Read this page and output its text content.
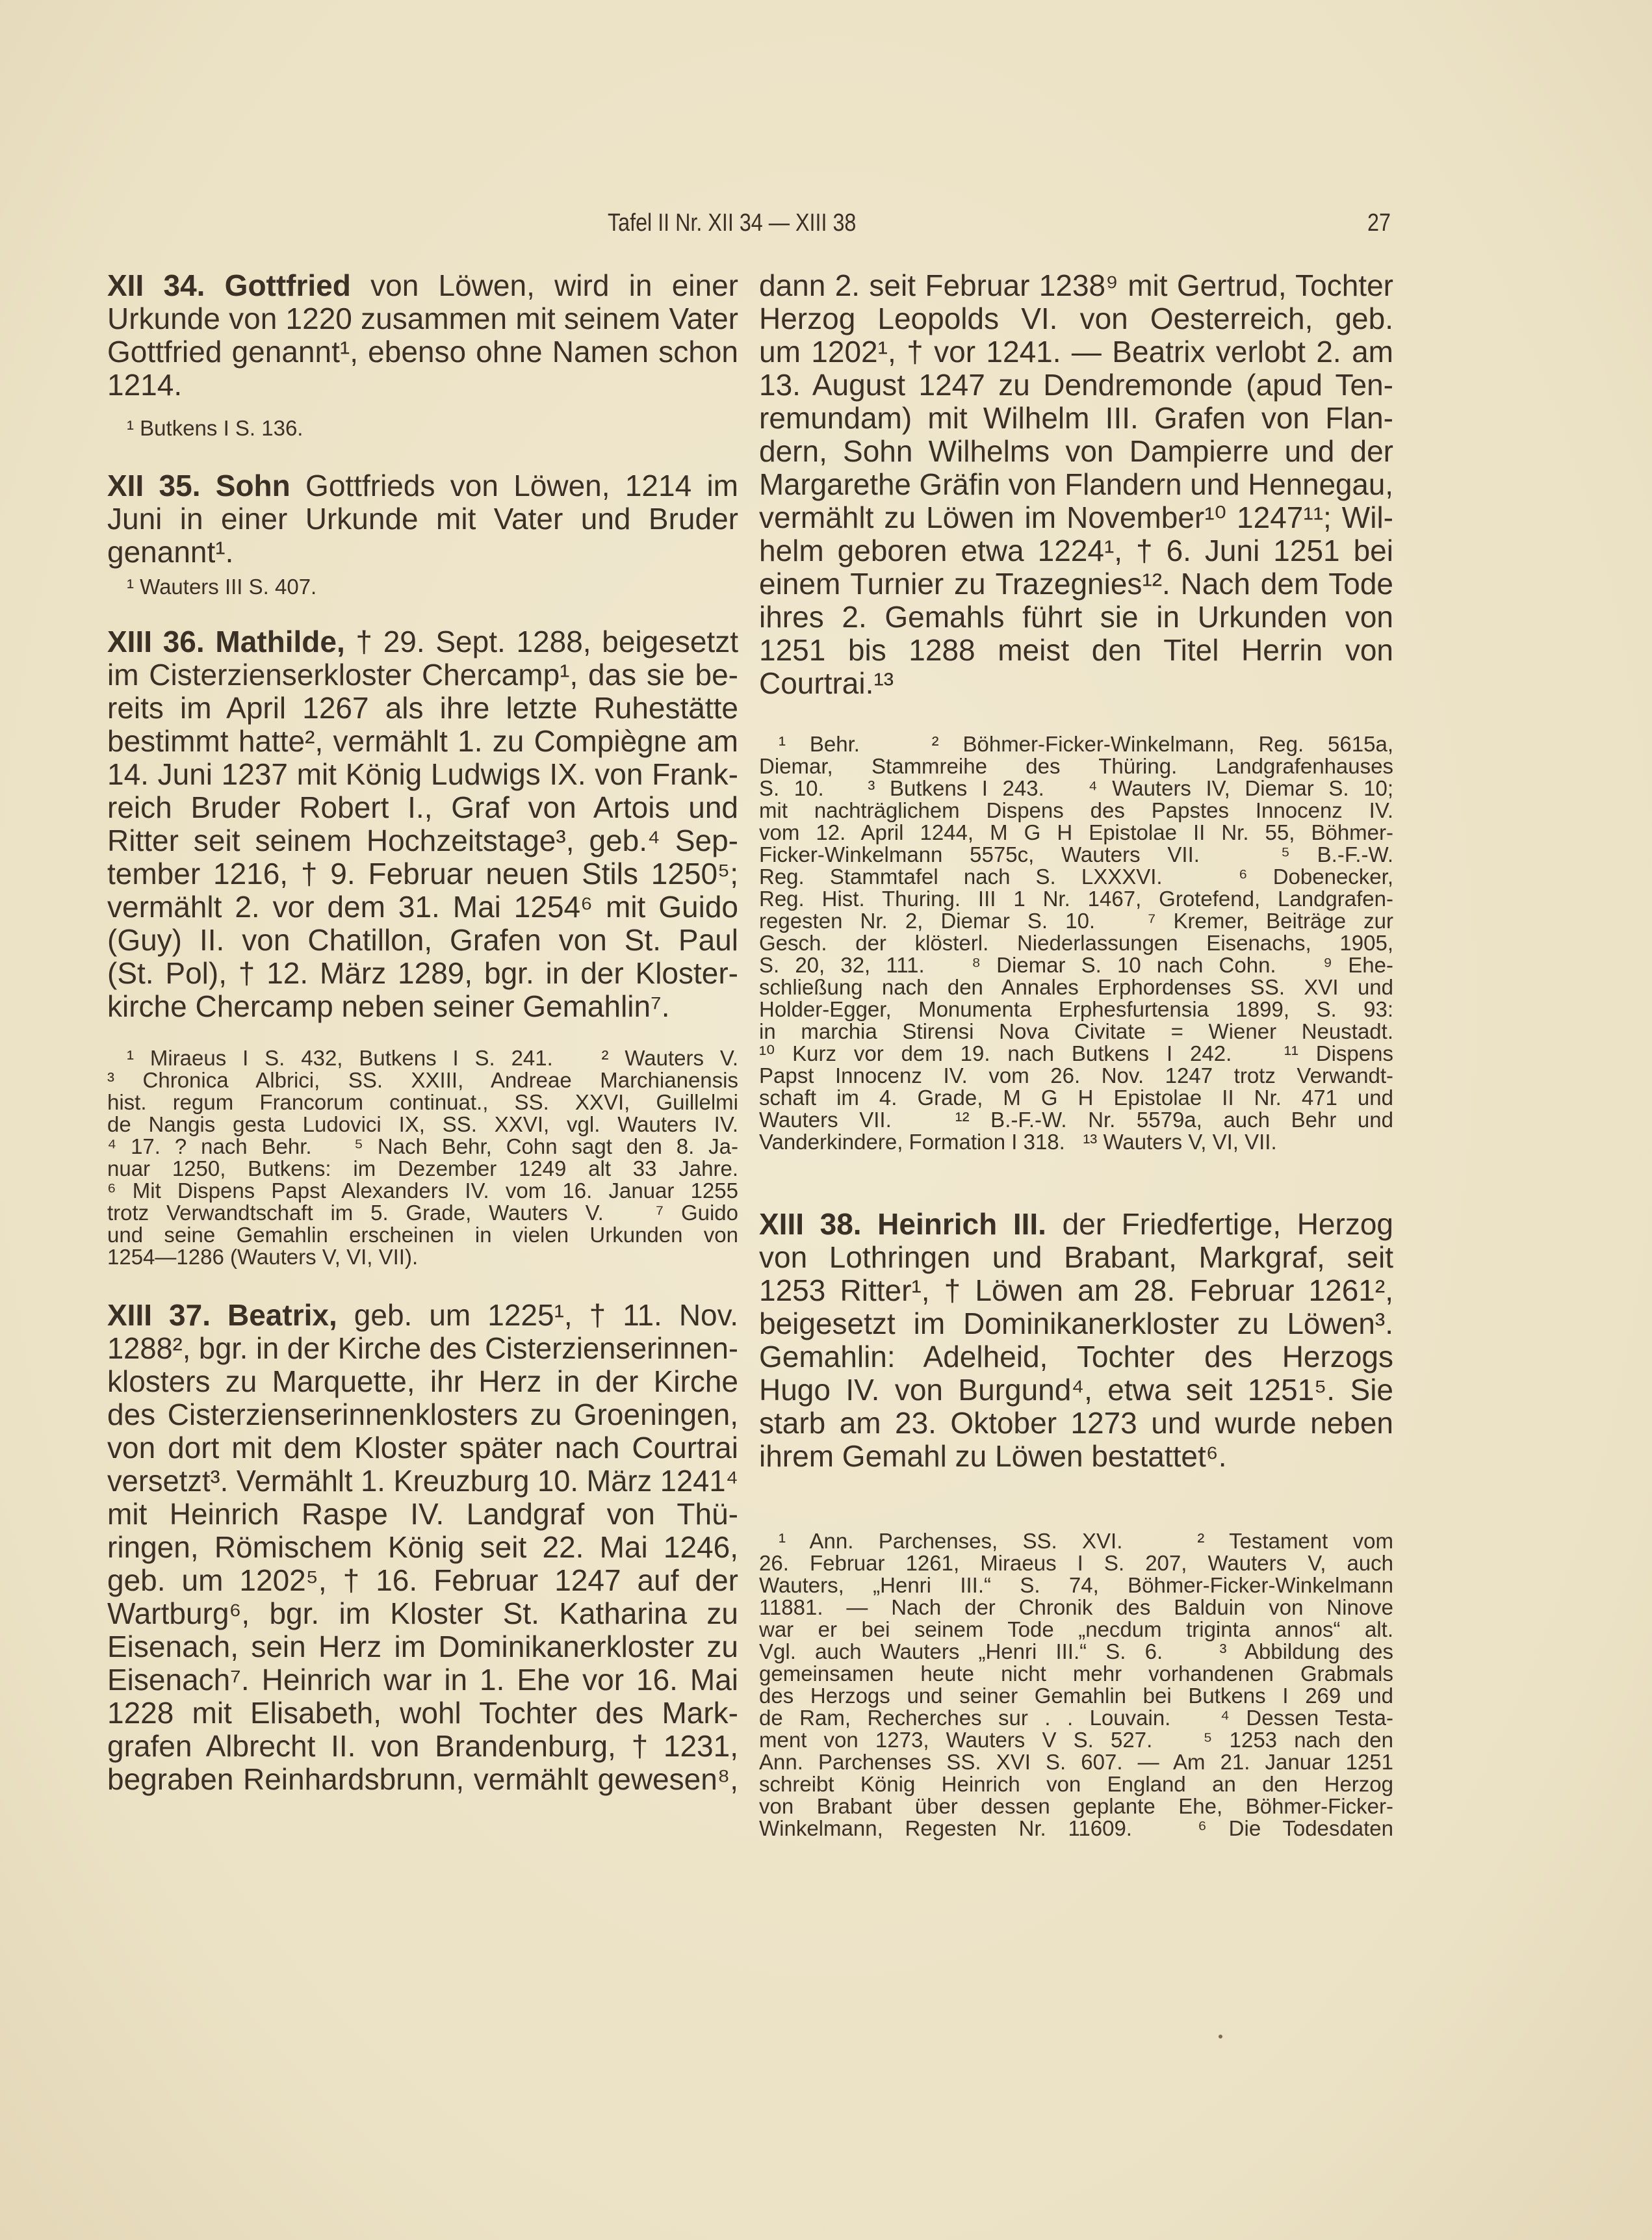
Tafel II Nr. XII 34 — XIII 38	27
XII 34. Gottfried von Löwen, wird in einer
Urkunde von 1220 zusammen mit seinem Vater
Gottfried genannt¹, ebenso ohne Namen schon
1214.
¹ Butkens I S. 136.
XII 35. Sohn Gottfrieds von Löwen, 1214 im
Juni in einer Urkunde mit Vater und Bruder
genannt¹.
¹ Wauters III S. 407.
XIII 36. Mathilde, † 29. Sept. 1288, beigesetzt
im Cisterzienserkloster Chercamp¹, das sie be-
reits im April 1267 als ihre letzte Ruhestätte
bestimmt hatte², vermählt 1. zu Compiègne am
14. Juni 1237 mit König Ludwigs IX. von Frank-
reich Bruder Robert I., Graf von Artois und
Ritter seit seinem Hochzeitstage³, geb.⁴ Sep-
tember 1216, † 9. Februar neuen Stils 1250⁵;
vermählt 2. vor dem 31. Mai 1254⁶ mit Guido
(Guy) II. von Chatillon, Grafen von St. Paul
(St. Pol), † 12. März 1289, bgr. in der Kloster-
kirche Chercamp neben seiner Gemahlin⁷.
¹ Miraeus I S. 432, Butkens I S. 241.   ² Wauters V.
³ Chronica Albrici, SS. XXIII, Andreae Marchianensis
hist. regum Francorum continuat., SS. XXVI, Guillelmi
de Nangis gesta Ludovici IX, SS. XXVI, vgl. Wauters IV.
⁴ 17. ? nach Behr.   ⁵ Nach Behr, Cohn sagt den 8. Ja-
nuar 1250, Butkens: im Dezember 1249 alt 33 Jahre.
⁶ Mit Dispens Papst Alexanders IV. vom 16. Januar 1255
trotz Verwandtschaft im 5. Grade, Wauters V.   ⁷ Guido
und seine Gemahlin erscheinen in vielen Urkunden von
1254—1286 (Wauters V, VI, VII).
XIII 37. Beatrix, geb. um 1225¹, † 11. Nov.
1288², bgr. in der Kirche des Cisterzienserinnen-
klosters zu Marquette, ihr Herz in der Kirche
des Cisterzienserinnenklosters zu Groeningen,
von dort mit dem Kloster später nach Courtrai
versetzt³. Vermählt 1. Kreuzburg 10. März 1241⁴
mit Heinrich Raspe IV. Landgraf von Thü-
ringen, Römischem König seit 22. Mai 1246,
geb. um 1202⁵, † 16. Februar 1247 auf der
Wartburg⁶, bgr. im Kloster St. Katharina zu
Eisenach, sein Herz im Dominikanerkloster zu
Eisenach⁷. Heinrich war in 1. Ehe vor 16. Mai
1228 mit Elisabeth, wohl Tochter des Mark-
grafen Albrecht II. von Brandenburg, † 1231,
begraben Reinhardsbrunn, vermählt gewesen⁸,
dann 2. seit Februar 1238⁹ mit Gertrud, Tochter
Herzog Leopolds VI. von Oesterreich, geb.
um 1202¹, † vor 1241. — Beatrix verlobt 2. am
13. August 1247 zu Dendremonde (apud Ten-
remundam) mit Wilhelm III. Grafen von Flan-
dern, Sohn Wilhelms von Dampierre und der
Margarethe Gräfin von Flandern und Hennegau,
vermählt zu Löwen im November¹⁰ 1247¹¹; Wil-
helm geboren etwa 1224¹, † 6. Juni 1251 bei
einem Turnier zu Trazegnies¹². Nach dem Tode
ihres 2. Gemahls führt sie in Urkunden von
1251 bis 1288 meist den Titel Herrin von
Courtrai.¹³
¹ Behr.   ² Böhmer-Ficker-Winkelmann, Reg. 5615a,
Diemar, Stammreihe des Thüring. Landgrafenhauses
S. 10.   ³ Butkens I 243.   ⁴ Wauters IV, Diemar S. 10;
mit nachträglichem Dispens des Papstes Innocenz IV.
vom 12. April 1244, M G H Epistolae II Nr. 55, Böhmer-
Ficker-Winkelmann 5575c, Wauters VII.   ⁵ B.-F.-W.
Reg. Stammtafel nach S. LXXXVI.   ⁶ Dobenecker,
Reg. Hist. Thuring. III 1 Nr. 1467, Grotefend, Landgrafen-
regesten Nr. 2, Diemar S. 10.   ⁷ Kremer, Beiträge zur
Gesch. der klösterl. Niederlassungen Eisenachs, 1905,
S. 20, 32, 111.   ⁸ Diemar S. 10 nach Cohn.   ⁹ Ehe-
schließung nach den Annales Erphordenses SS. XVI und
Holder-Egger, Monumenta Erphesfurtensia 1899, S. 93:
in marchia Stirensi Nova Civitate = Wiener Neustadt.
¹⁰ Kurz vor dem 19. nach Butkens I 242.   ¹¹ Dispens
Papst Innocenz IV. vom 26. Nov. 1247 trotz Verwandt-
schaft im 4. Grade, M G H Epistolae II Nr. 471 und
Wauters VII.   ¹² B.-F.-W. Nr. 5579a, auch Behr und
Vanderkindere, Formation I 318.   ¹³ Wauters V, VI, VII.
XIII 38. Heinrich III. der Friedfertige, Herzog
von Lothringen und Brabant, Markgraf, seit
1253 Ritter¹, † Löwen am 28. Februar 1261²,
beigesetzt im Dominikanerkloster zu Löwen³.
Gemahlin: Adelheid, Tochter des Herzogs
Hugo IV. von Burgund⁴, etwa seit 1251⁵. Sie
starb am 23. Oktober 1273 und wurde neben
ihrem Gemahl zu Löwen bestattet⁶.
¹ Ann. Parchenses, SS. XVI.   ² Testament vom
26. Februar 1261, Miraeus I S. 207, Wauters V, auch
Wauters, „Henri III.“ S. 74, Böhmer-Ficker-Winkelmann
11881. — Nach der Chronik des Balduin von Ninove
war er bei seinem Tode „necdum triginta annos“ alt.
Vgl. auch Wauters „Henri III.“ S. 6.   ³ Abbildung des
gemeinsamen heute nicht mehr vorhandenen Grabmals
des Herzogs und seiner Gemahlin bei Butkens I 269 und
de Ram, Recherches sur . . Louvain.   ⁴ Dessen Testa-
ment von 1273, Wauters V S. 527.   ⁵ 1253 nach den
Ann. Parchenses SS. XVI S. 607. — Am 21. Januar 1251
schreibt König Heinrich von England an den Herzog
von Brabant über dessen geplante Ehe, Böhmer-Ficker-
Winkelmann, Regesten Nr. 11609.   ⁶ Die Todesdaten
